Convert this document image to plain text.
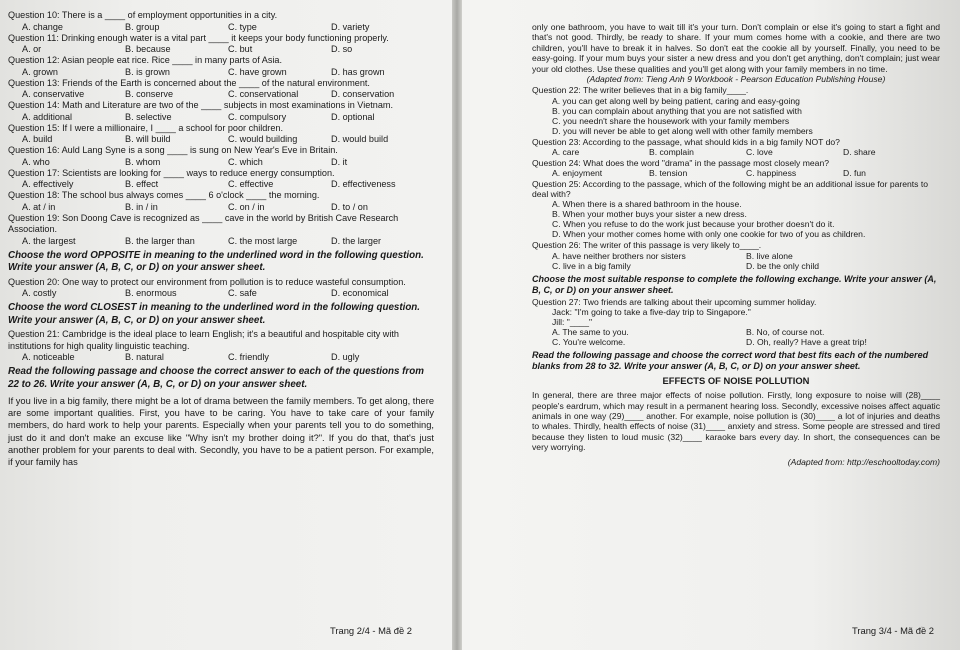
Question 10: There is a ____ of employment opportunities in a city.

A. change	B. group	C. type	D. variety

Question 11: Drinking enough water is a vital part ____ it keeps your body functioning properly.

A. or	B. because	C. but	D. so

Question 12: Asian people eat rice. Rice ____ in many parts of Asia.

A. grown	B. is grown	C. have grown	D. has grown

Question 13: Friends of the Earth is concerned about the ____ of the natural environment.

A. conservative	B. conserve	C. conservational	D. conservation

Question 14: Math and Literature are two of the ____ subjects in most examinations in Vietnam.

A. additional	B. selective	C. compulsory	D. optional

Question 15: If I were a millionaire, I ____ a school for poor children.

A. build	B. will build	C. would building	D. would build

Question 16: Auld Lang Syne is a song ____ is sung on New Year's Eve in Britain.

A. who	B. whom	C. which	D. it

Question 17: Scientists are looking for ____ ways to reduce energy consumption.

A. effectively	B. effect	C. effective	D. effectiveness

Question 18: The school bus always comes ____ 6 o'clock ____ the morning.

A. at / in	B. in / in	C. on / in	D. to / on

Question 19: Son Doong Cave is recognized as ____ cave in the world by British Cave Research Association.

A. the largest	B. the larger than	C. the most large	D. the larger

Choose the word OPPOSITE in meaning to the underlined word in the following question. Write your answer (A, B, C, or D) on your answer sheet.

Question 20: One way to protect our environment from pollution is to reduce wasteful consumption.

A. costly	B. enormous	C. safe	D. economical

Choose the word CLOSEST in meaning to the underlined word in the following question. Write your answer (A, B, C, or D) on your answer sheet.

Question 21: Cambridge is the ideal place to learn English; it's a beautiful and hospitable city with institutions for high quality linguistic teaching.

A. noticeable	B. natural	C. friendly	D. ugly

Read the following passage and choose the correct answer to each of the questions from 22 to 26. Write your answer (A, B, C, or D) on your answer sheet.

If you live in a big family, there might be a lot of drama between the family members. To get along, there are some important qualities. First, you have to be caring. You have to take care of your family members, do hard work to help your parents. Especially when your parents tell you to do something, just do it and don't make an excuse like "Why isn't my brother doing it?". If you do that, that's just another problem for your parents to deal with. Secondly, you have to be a patient person. For example, if your family has

Trang 2/4 - Mã đề 2

only one bathroom, you have to wait till it's your turn. Don't complain or else it's going to start a fight and that's not good. Thirdly, be ready to share. If your mum comes home with a cookie, and there are two children, you'll have to break it in halves. So don't eat the cookie all by yourself. Finally, you need to be easy-going. If your mum buys your sister a new dress and you don't get anything, don't complain; just wear your old clothes. Use these qualities and you'll get along with your family members in no time.

(Adapted from: Tieng Anh 9 Workbook - Pearson Education Publishing House)

Question 22: The writer believes that in a big family____.

A. you can get along well by being patient, caring and easy-going
B. you can complain about anything that you are not satisfied with
C. you needn't share the housework with your family members
D. you will never be able to get along well with other family members

Question 23: According to the passage, what should kids in a big family NOT do?

A. care	B. complain	C. love	D. share

Question 24: What does the word "drama" in the passage most closely mean?

A. enjoyment	B. tension	C. happiness	D. fun

Question 25: According to the passage, which of the following might be an additional issue for parents to deal with?

A. When there is a shared bathroom in the house.
B. When your mother buys your sister a new dress.
C. When you refuse to do the work just because your brother doesn't do it.
D. When your mother comes home with only one cookie for two of you as children.

Question 26: The writer of this passage is very likely to____.

A. have neither brothers nor sisters	B. live alone
C. live in a big family	D. be the only child

Choose the most suitable response to complete the following exchange. Write your answer (A, B, C, or D) on your answer sheet.

Question 27: Two friends are talking about their upcoming summer holiday.

Jack: "I'm going to take a five-day trip to Singapore."
Jill: "____"
A. The same to you.	B. No, of course not.
C. You're welcome.	D. Oh, really? Have a great trip!

Read the following passage and choose the correct word that best fits each of the numbered blanks from 28 to 32. Write your answer (A, B, C, or D) on your answer sheet.

EFFECTS OF NOISE POLLUTION

In general, there are three major effects of noise pollution. Firstly, long exposure to noise will (28)____ people's eardrum, which may result in a permanent hearing loss. Secondly, excessive noises affect aquatic animals in one way (29)____ another. For example, noise pollution is (30)____ a lot of injuries and deaths to whales. Thirdly, health effects of noise (31)____ anxiety and stress. Some people are stressed and tired because they listen to loud music (32)____ karaoke bars every day. In short, the consequences can be very worrying.

(Adapted from: http://eschooltoday.com)

Trang 3/4 - Mã đề 2
